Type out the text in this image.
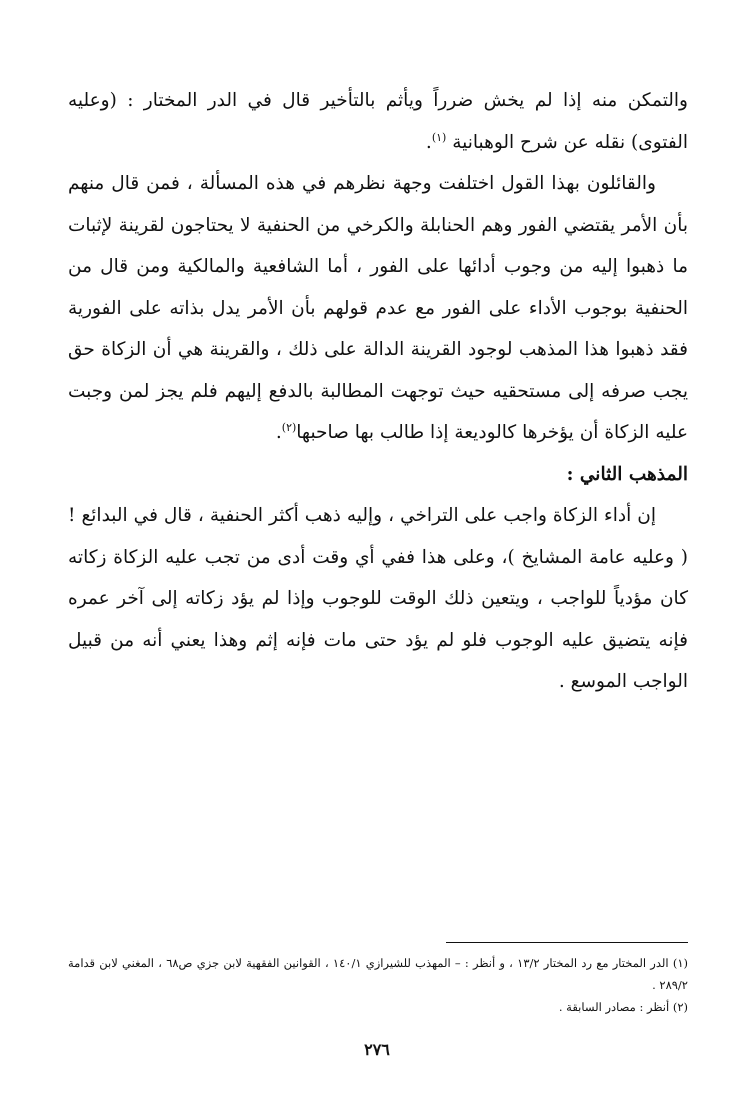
والتمكن منه إذا لم يخش ضرراً ويأثم بالتأخير قال في الدر المختار : (وعليه الفتوى) نقله عن شرح الوهبانية $^{(١)}$.

والقائلون بهذا القول اختلفت وجهة نظرهم في هذه المسألة ، فمن قال منهم بأن الأمر يقتضي الفور وهم الحنابلة والكرخي من الحنفية لا يحتاجون لقرينة لإثبات ما ذهبوا إليه من وجوب أدائها على الفور ، أما الشافعية والمالكية ومن قال من الحنفية بوجوب الأداء على الفور مع عدم قولهم بأن الأمر يدل بذاته على الفورية فقد ذهبوا هذا المذهب لوجود القرينة الدالة على ذلك ، والقرينة هي أن الزكاة حق يجب صرفه إلى مستحقيه حيث توجهت المطالبة بالدفع إليهم فلم يجز لمن وجبت عليه الزكاة أن يؤخرها كالوديعة إذا طالب بها صاحبها$^{(٢)}$.

المذهب الثاني :

إن أداء الزكاة واجب على التراخي ، وإليه ذهب أكثر الحنفية ، قال في البدائع ! ( وعليه عامة المشايخ )، وعلى هذا ففي أي وقت أدى من تجب عليه الزكاة زكاته كان مؤدياً للواجب ، ويتعين ذلك الوقت للوجوب وإذا لم يؤد زكاته إلى آخر عمره فإنه يتضيق عليه الوجوب فلو لم يؤد حتى مات فإنه إثم وهذا يعني أنه من قبيل الواجب الموسع .

(١) الدر المختار مع رد المختار ١٣/٢ ، و أنظر : – المهذب للشيرازي ١٤٠/١ ، القوانين الفقهية لابن جزي ص٦٨ ، المغني لابن قدامة ٢٨٩/٢ .

(٢) أنظر : مصادر السابقة .

٢٧٦
